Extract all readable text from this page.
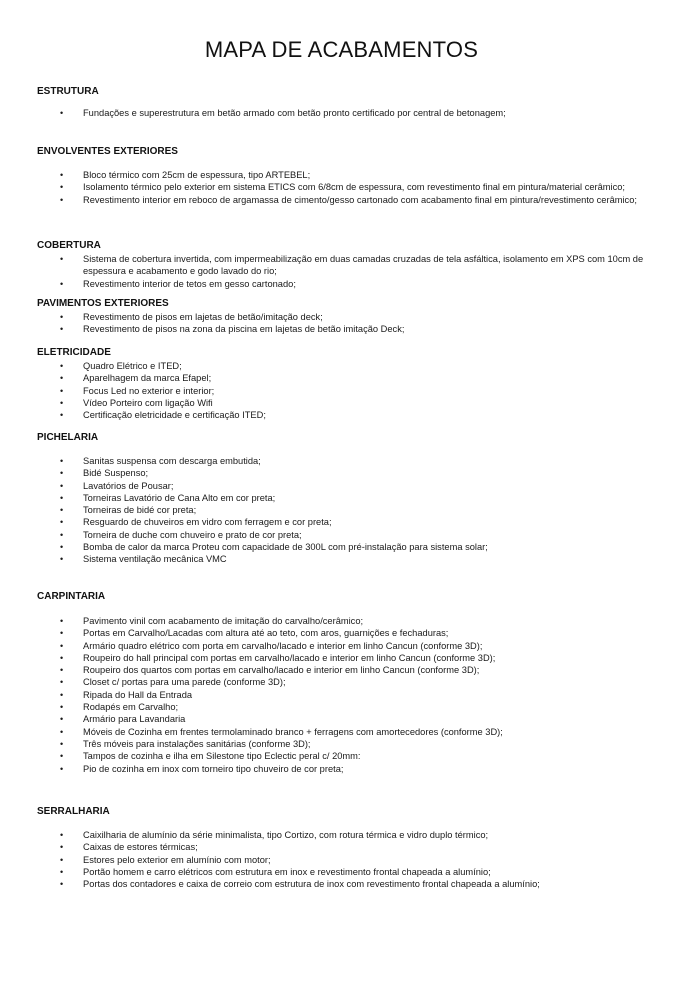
MAPA DE ACABAMENTOS

ESTRUTURA

• Fundações e superestrutura em betão armado com betão pronto certificado por central de betonagem;

ENVOLVENTES EXTERIORES

• Bloco térmico com 25cm de espessura, tipo ARTEBEL;
• Isolamento térmico pelo exterior em sistema ETICS com 6/8cm de espessura, com revestimento final em pintura/material cerâmico;
• Revestimento interior em reboco de argamassa de cimento/gesso cartonado com acabamento final em pintura/revestimento cerâmico;

COBERTURA

• Sistema de cobertura invertida, com impermeabilização em duas camadas cruzadas de tela asfáltica, isolamento em XPS com 10cm de espessura e acabamento e godo lavado do rio;
• Revestimento interior de tetos em gesso cartonado;

PAVIMENTOS EXTERIORES

• Revestimento de pisos em lajetas de betão/imitação deck;
• Revestimento de pisos na zona da piscina em lajetas de betão imitação Deck;

ELETRICIDADE

• Quadro Elétrico e ITED;
• Aparelhagem da marca Efapel;
• Focus Led no exterior e interior;
• Vídeo Porteiro com ligação Wifi
• Certificação eletricidade e certificação ITED;

PICHELARIA

• Sanitas suspensa com descarga embutida;
• Bidé Suspenso;
• Lavatórios de Pousar;
• Torneiras Lavatório de Cana Alto em cor preta;
• Torneiras de bidé cor preta;
• Resguardo de chuveiros em vidro com ferragem e cor preta;
• Torneira de duche com chuveiro e prato de cor preta;
• Bomba de calor da marca Proteu com capacidade de 300L com pré-instalação para sistema solar;
• Sistema ventilação mecânica VMC

CARPINTARIA

• Pavimento vinil com acabamento de imitação do carvalho/cerâmico;
• Portas em Carvalho/Lacadas com altura até ao teto, com aros, guarnições e fechaduras;
• Armário quadro elétrico com porta em carvalho/lacado e interior em linho Cancun (conforme 3D);
• Roupeiro do hall principal com portas em carvalho/lacado e interior em linho Cancun (conforme 3D);
• Roupeiro dos quartos com portas em carvalho/lacado e interior em linho Cancun (conforme 3D);
• Closet c/ portas para uma parede (conforme 3D);
• Ripada do Hall da Entrada
• Rodapés em Carvalho;
• Armário para Lavandaria
• Móveis de Cozinha em frentes termolaminado branco + ferragens com amortecedores (conforme 3D);
• Três móveis para instalações sanitárias (conforme 3D);
• Tampos de cozinha e ilha em Silestone tipo Eclectic peral c/ 20mm:
• Pio de cozinha em inox com torneiro tipo chuveiro de cor preta;

SERRALHARIA

• Caixilharia de alumínio da série minimalista, tipo Cortizo, com rotura térmica e vidro duplo térmico;
• Caixas de estores térmicas;
• Estores pelo exterior em alumínio com motor;
• Portão homem e carro elétricos com estrutura em inox e revestimento frontal chapeada a alumínio;
• Portas dos contadores e caixa de correio com estrutura de inox com revestimento frontal chapeada a alumínio;
